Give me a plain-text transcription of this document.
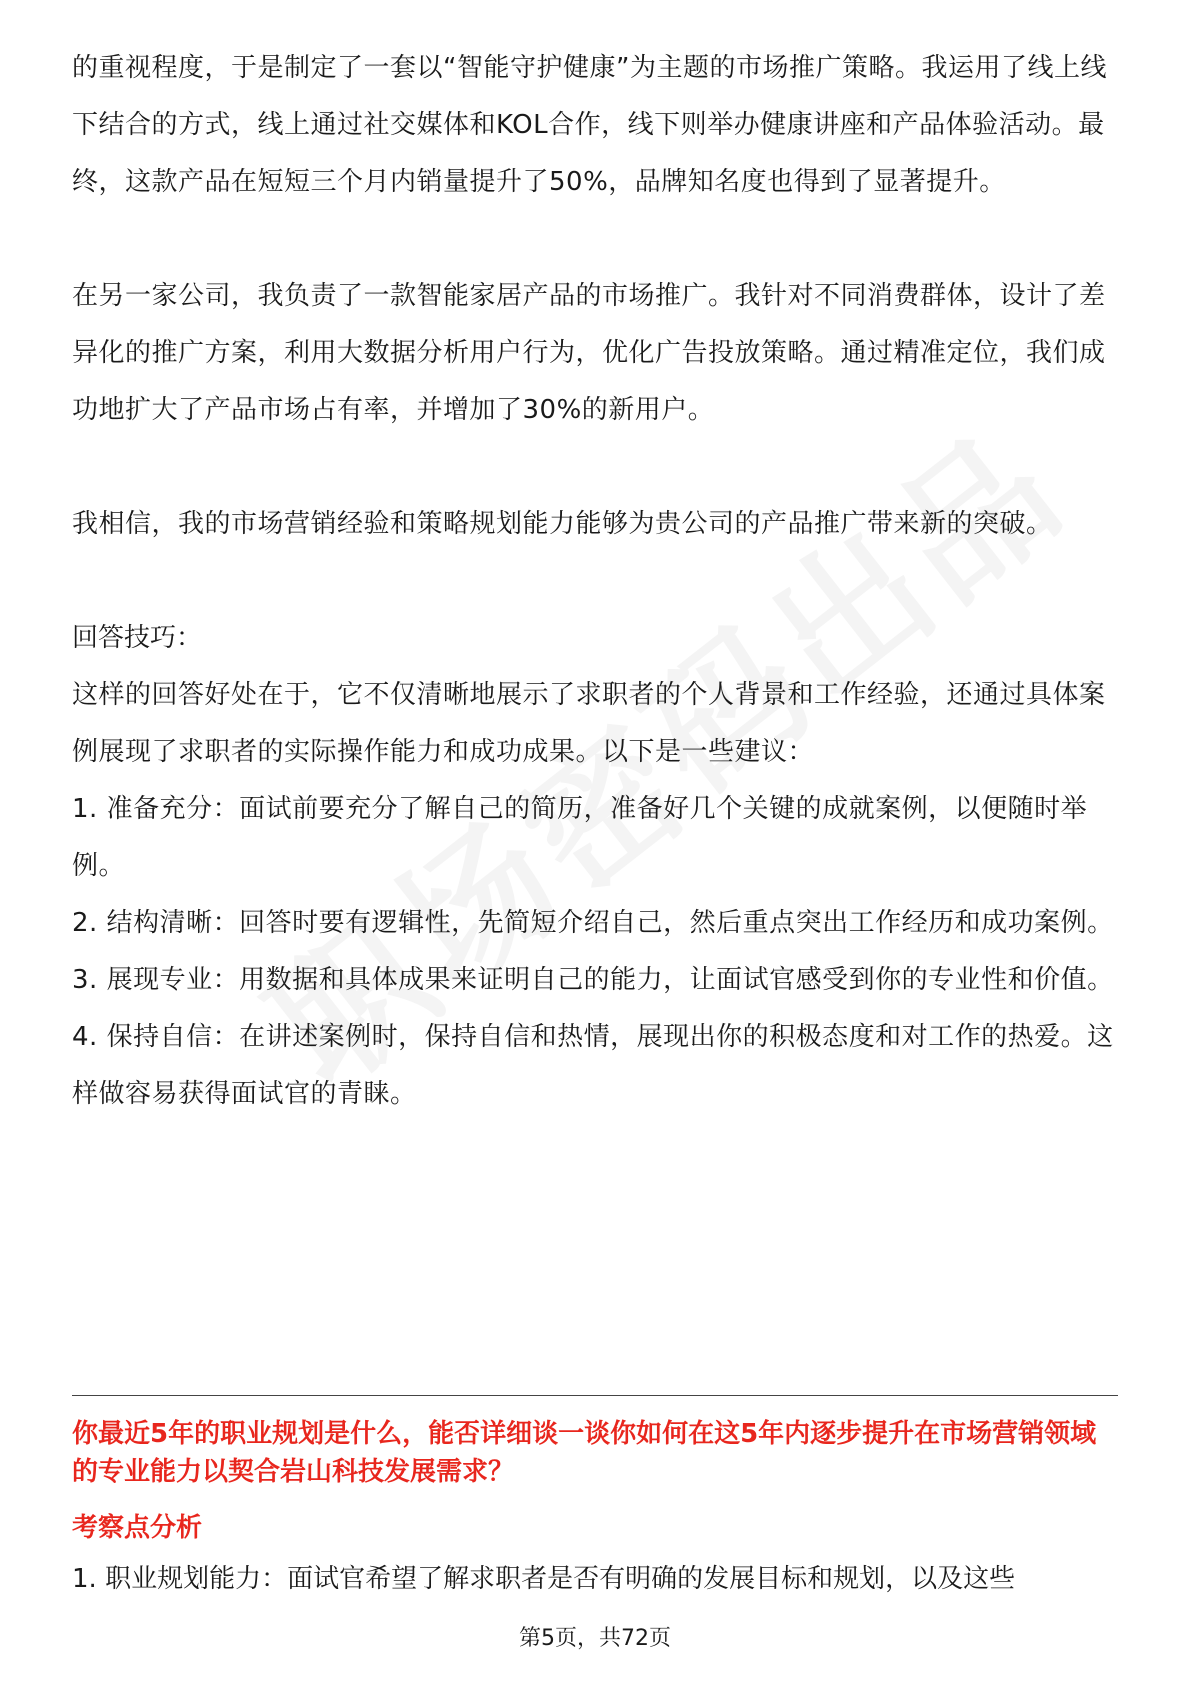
的重视程度，于是制定了一套以“智能守护健康”为主题的市场推广策略。我运用了线上线下结合的方式，线上通过社交媒体和KOL合作，线下则举办健康讲座和产品体验活动。最终，这款产品在短短三个月内销量提升了50%，品牌知名度也得到了显著提升。

在另一家公司，我负责了一款智能家居产品的市场推广。我针对不同消费群体，设计了差异化的推广方案，利用大数据分析用户行为，优化广告投放策略。通过精准定位，我们成功地扩大了产品市场占有率，并增加了30%的新用户。

我相信，我的市场营销经验和策略规划能力能够为贵公司的产品推广带来新的突破。

回答技巧：

这样的回答好处在于，它不仅清晰地展示了求职者的个人背景和工作经验，还通过具体案例展现了求职者的实际操作能力和成功成果。以下是一些建议：

1. 准备充分：面试前要充分了解自己的简历，准备好几个关键的成就案例，以便随时举例。

2. 结构清晰：回答时要有逻辑性，先简短介绍自己，然后重点突出工作经历和成功案例。

3. 展现专业：用数据和具体成果来证明自己的能力，让面试官感受到你的专业性和价值。

4. 保持自信：在讲述案例时，保持自信和热情，展现出你的积极态度和对工作的热爱。这样做容易获得面试官的青睐。

你最近5年的职业规划是什么，能否详细谈一谈你如何在这5年内逐步提升在市场营销领域的专业能力以契合岩山科技发展需求？

考察点分析

1. 职业规划能力：面试官希望了解求职者是否有明确的发展目标和规划，以及这些

第5页，共72页
